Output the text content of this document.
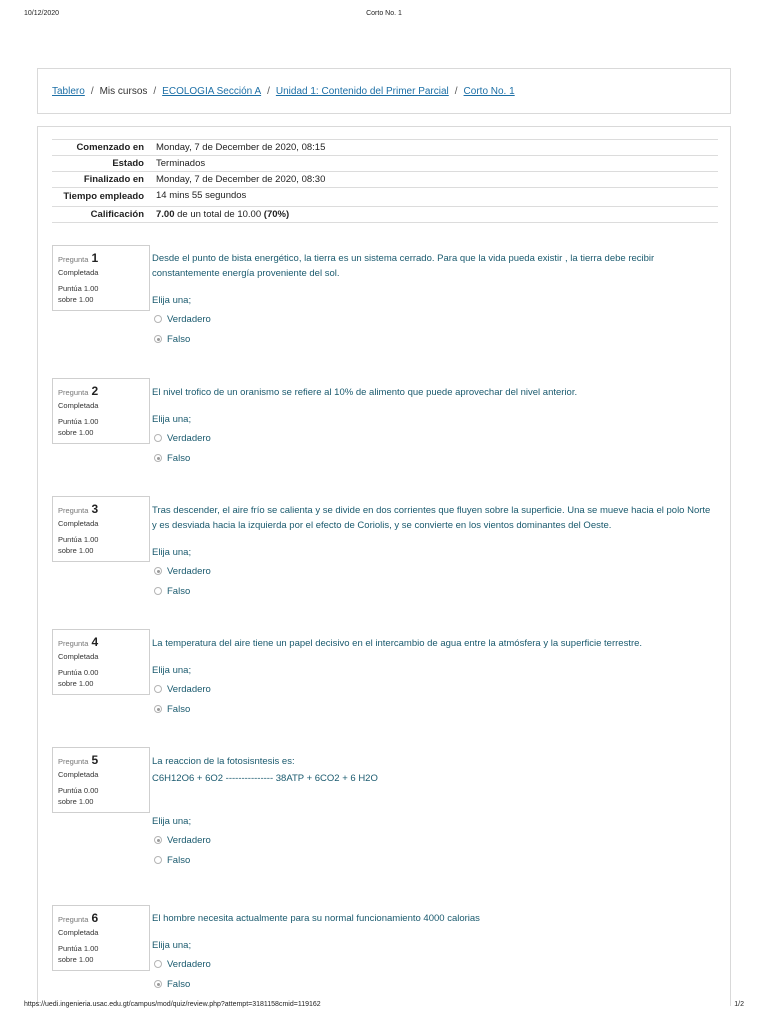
10/12/2020	Corto No. 1
Tablero / Mis cursos / ECOLOGIA Sección A / Unidad 1: Contenido del Primer Parcial / Corto No. 1
Comenzado en	Monday, 7 de December de 2020, 08:15
Estado	Terminados
Finalizado en	Monday, 7 de December de 2020, 08:30
Tiempo empleado	14 mins 55 segundos
Calificación	7.00 de un total de 10.00 (70%)
Pregunta 1
Completada
Puntúa 1.00
sobre 1.00
Desde el punto de bista energético, la tierra es un sistema cerrado. Para que la vida pueda existir , la tierra debe recibir constantemente energía proveniente del sol.
Elija una;
Verdadero
Falso
Pregunta 2
Completada
Puntúa 1.00
sobre 1.00
El nivel trofico de un oranismo se refiere al 10% de alimento que puede aprovechar del nivel anterior.
Elija una;
Verdadero
Falso
Pregunta 3
Completada
Puntúa 1.00
sobre 1.00
Tras descender, el aire frío se calienta y se divide en dos corrientes que fluyen sobre la superficie. Una se mueve hacia el polo Norte y es desviada hacia la izquierda por el efecto de Coriolis, y se convierte en los vientos dominantes del Oeste.
Elija una;
Verdadero
Falso
Pregunta 4
Completada
Puntúa 0.00
sobre 1.00
La temperatura del aire tiene un papel decisivo en el intercambio de agua entre la atmósfera y la superficie terrestre.
Elija una;
Verdadero
Falso
Pregunta 5
Completada
Puntúa 0.00
sobre 1.00
La reaccion de la fotosisntesis es:
C6H12O6 + 6O2 --------------- 38ATP + 6CO2 + 6 H2O
Elija una;
Verdadero
Falso
Pregunta 6
Completada
Puntúa 1.00
sobre 1.00
El hombre necesita actualmente para su normal funcionamiento 4000 calorias
Elija una;
Verdadero
Falso
https://uedi.ingenieria.usac.edu.gt/campus/mod/quiz/review.php?attempt=3181158cmid=119162	1/2
